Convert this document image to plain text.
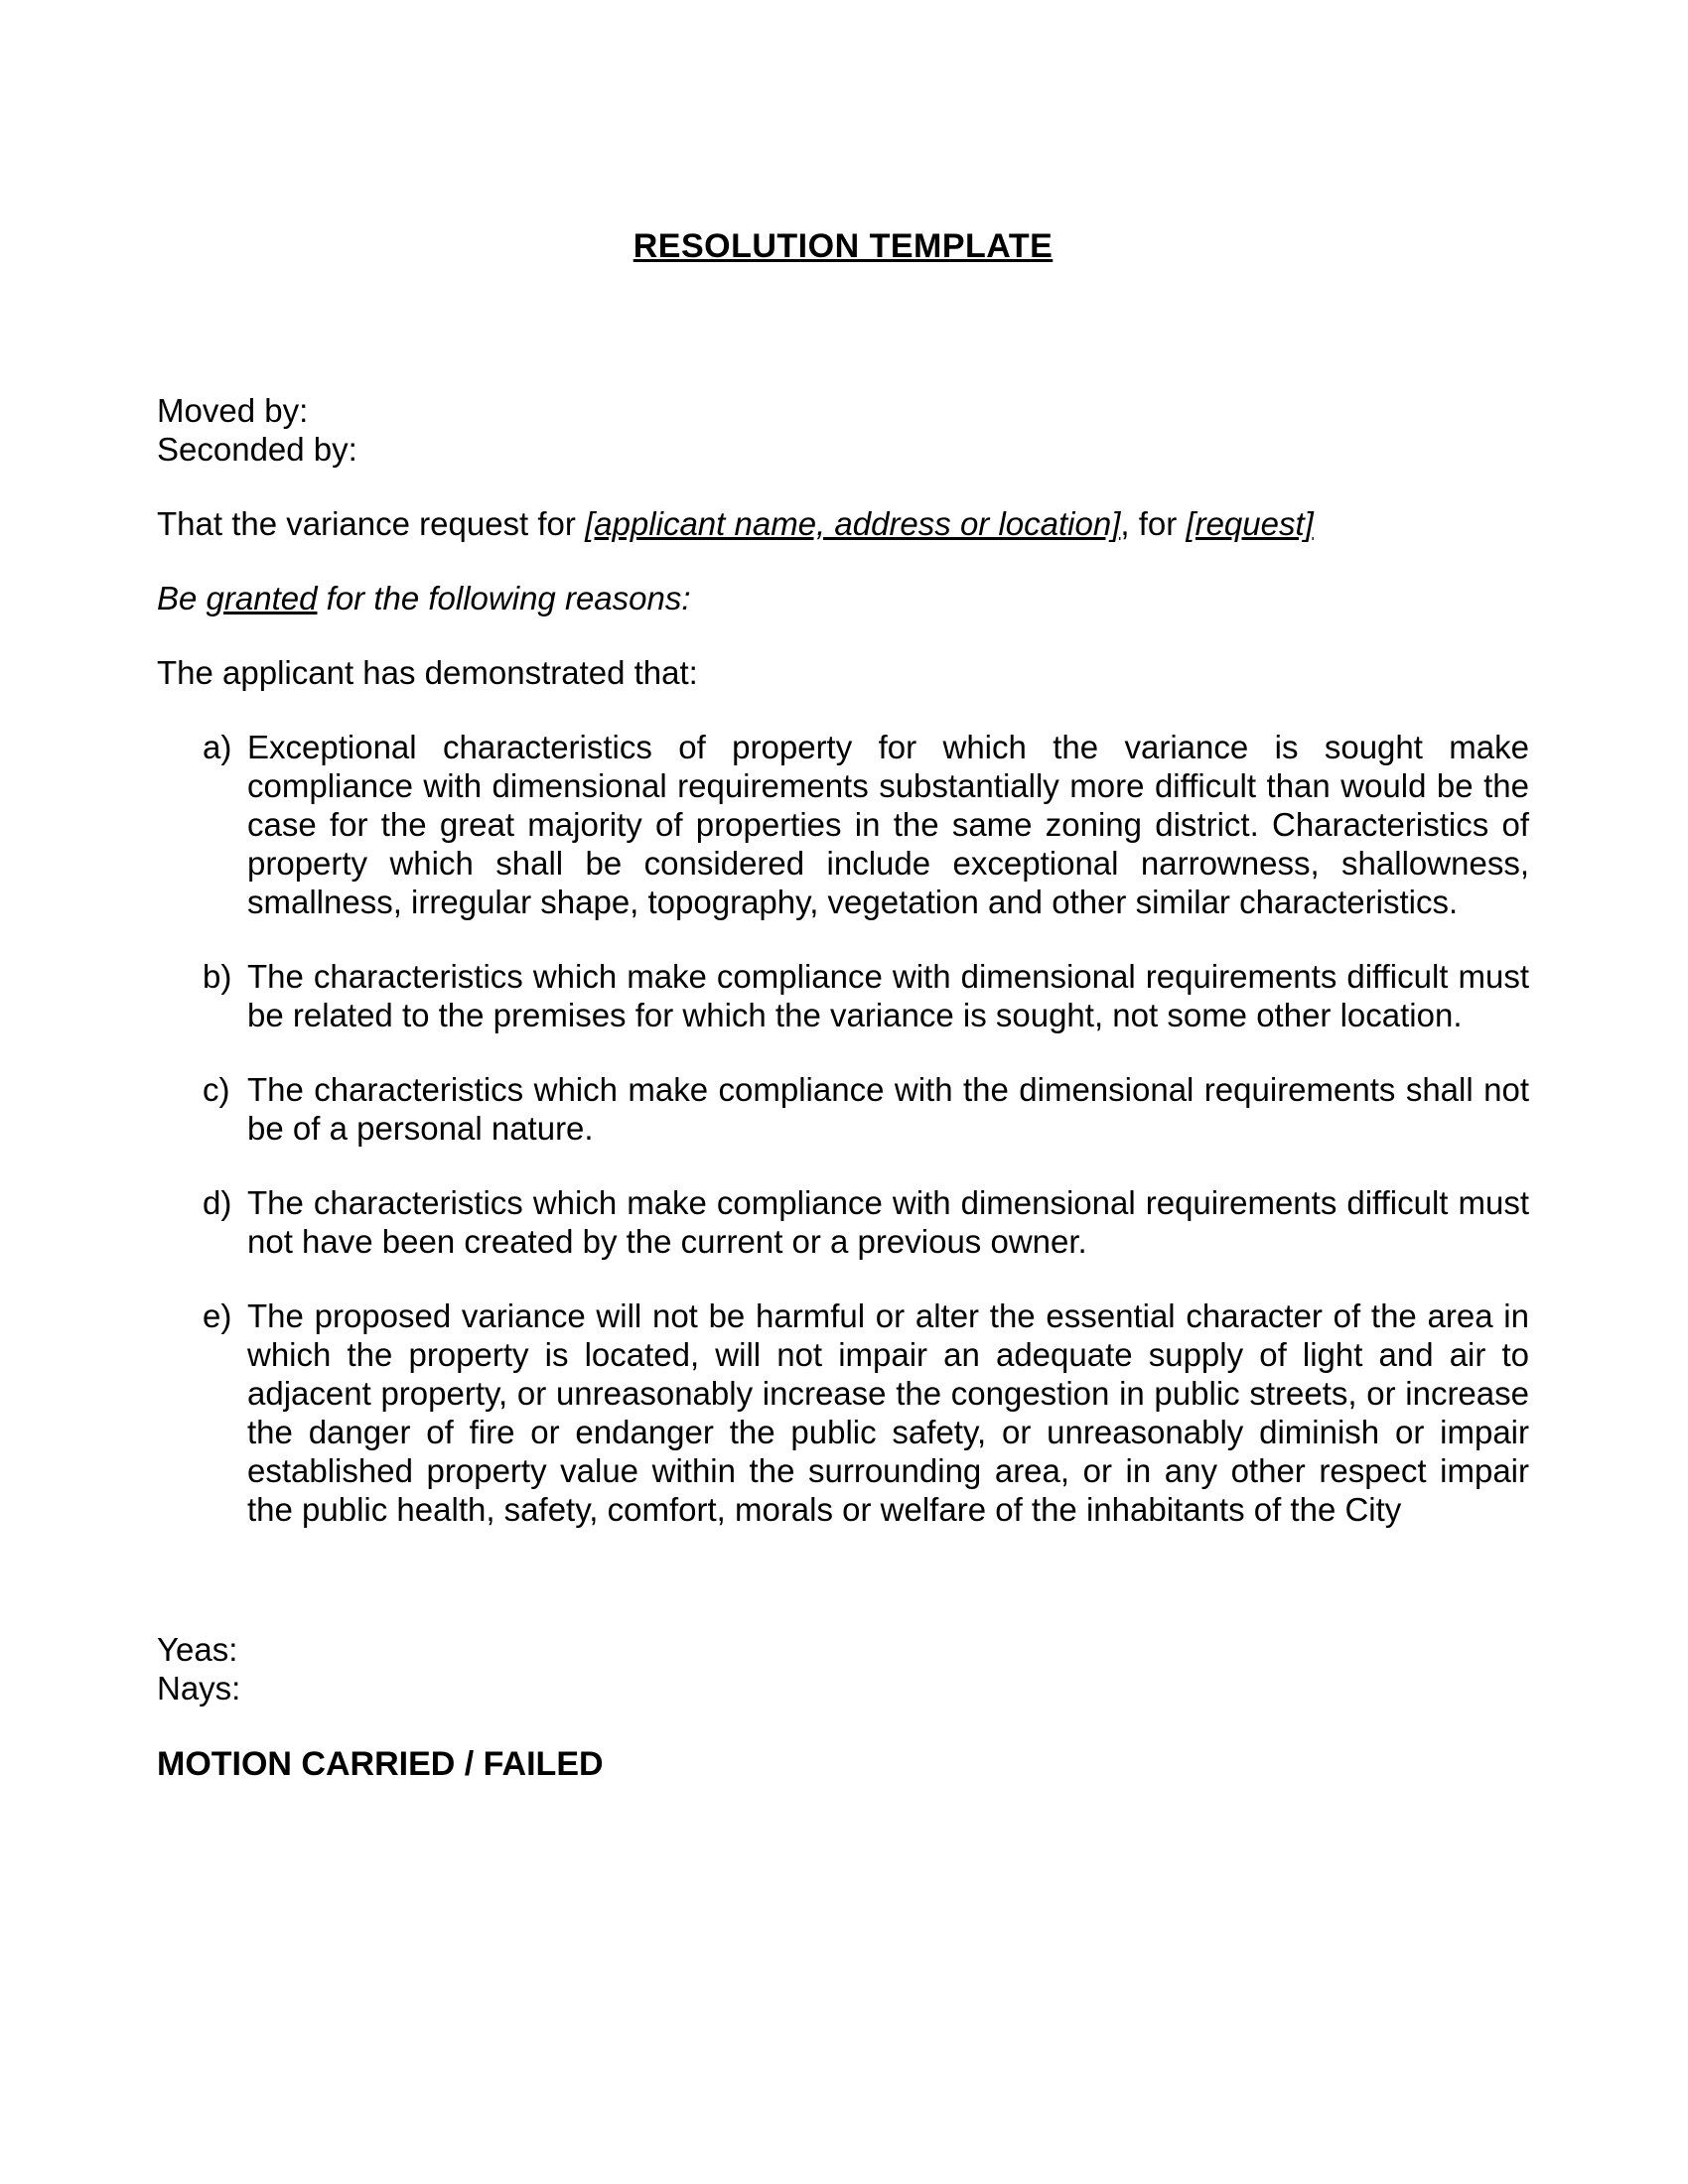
RESOLUTION TEMPLATE

Moved by:

Seconded by:

That the variance request for [applicant name, address or location], for [request]

Be granted for the following reasons:

The applicant has demonstrated that:

a) Exceptional characteristics of property for which the variance is sought make compliance with dimensional requirements substantially more difficult than would be the case for the great majority of properties in the same zoning district. Characteristics of property which shall be considered include exceptional narrowness, shallowness, smallness, irregular shape, topography, vegetation and other similar characteristics.
b) The characteristics which make compliance with dimensional requirements difficult must be related to the premises for which the variance is sought, not some other location.
c) The characteristics which make compliance with the dimensional requirements shall not be of a personal nature.
d) The characteristics which make compliance with dimensional requirements difficult must not have been created by the current or a previous owner.
e) The proposed variance will not be harmful or alter the essential character of the area in which the property is located, will not impair an adequate supply of light and air to adjacent property, or unreasonably increase the congestion in public streets, or increase the danger of fire or endanger the public safety, or unreasonably diminish or impair established property value within the surrounding area, or in any other respect impair the public health, safety, comfort, morals or welfare of the inhabitants of the City

Yeas:

Nays:

MOTION CARRIED / FAILED
